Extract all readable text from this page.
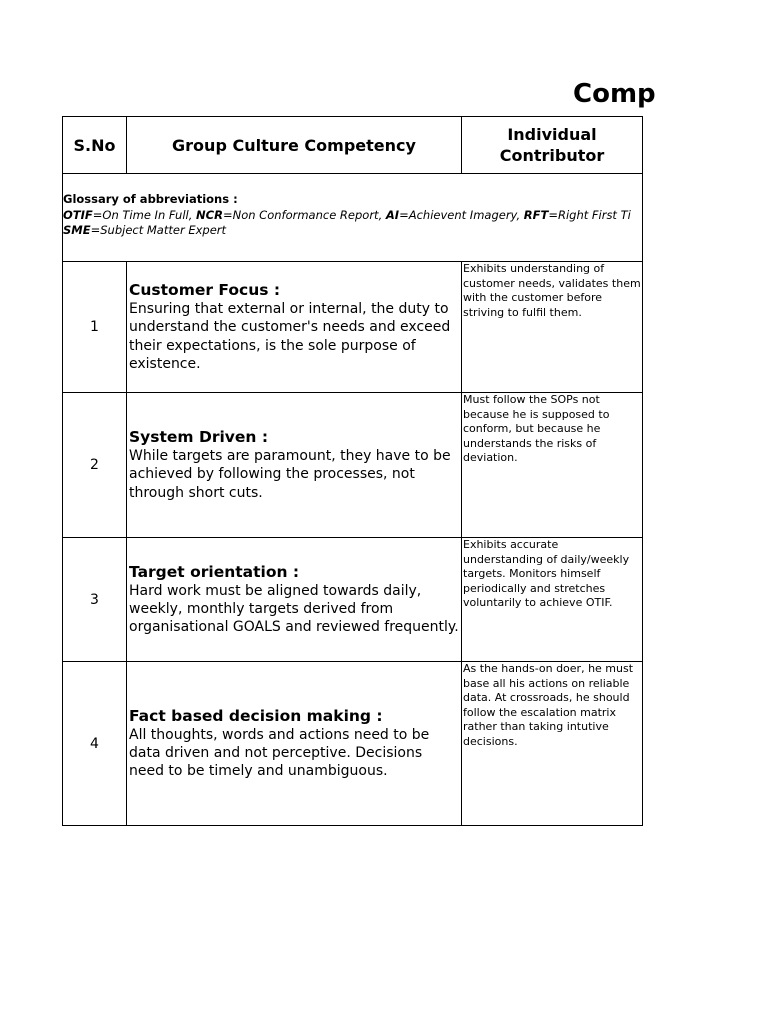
Comp
S.No	Group Culture Competency
Individual Contributor
Glossary of abbreviations :
OTIF=On Time In Full, NCR=Non Conformance Report, AI=Achievent Imagery, RFT=Right First Ti
SME=Subject Matter Expert
1
Customer Focus :
Ensuring that external or internal, the duty to understand the customer's needs and exceed their expectations, is the sole purpose of existence.
Exhibits understanding of customer needs, validates them with the customer before striving to fulfil them.
2
System Driven :
While targets are paramount, they have to be achieved by following the processes, not through short cuts.
Must follow the SOPs not because he is supposed to conform, but because he understands the risks of deviation.
3
Target orientation :
Hard work must be aligned towards daily, weekly, monthly targets derived from organisational GOALS and reviewed frequently.
Exhibits accurate understanding of daily/weekly targets. Monitors himself periodically and stretches voluntarily to achieve OTIF.
4
Fact based decision making :
All thoughts, words and actions need to be data driven and not perceptive. Decisions need to be timely and unambiguous.
As the hands-on doer, he must base all his actions on reliable data. At crossroads, he should follow the escalation matrix rather than taking intutive decisions.
